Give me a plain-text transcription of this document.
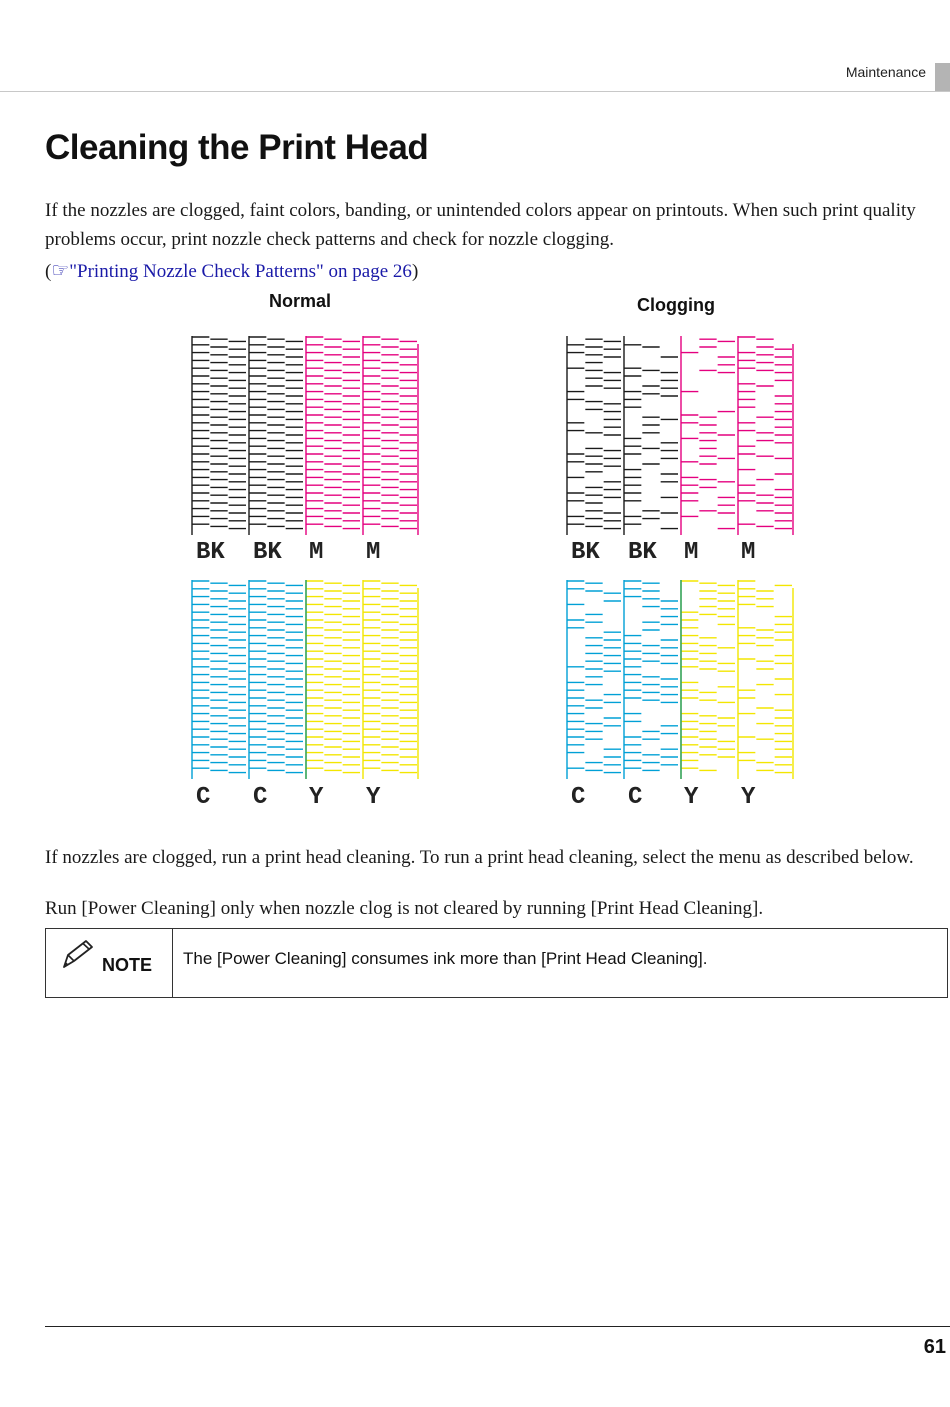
Maintenance
Cleaning the Print Head

If the nozzles are clogged, faint colors, banding, or unintended colors appear on printouts. When such print quality problems occur, print nozzle check patterns and check for nozzle clogging.

(☞"Printing Nozzle Check Patterns" on page 26)

Normal	Clogging
BK BK M M	BK BK M M
C C Y Y	C C Y Y

If nozzles are clogged, run a print head cleaning. To run a print head cleaning, select the menu as described below.

Run [Power Cleaning] only when nozzle clog is not cleared by running [Print Head Cleaning].

NOTE The [Power Cleaning] consumes ink more than [Print Head Cleaning].
61
